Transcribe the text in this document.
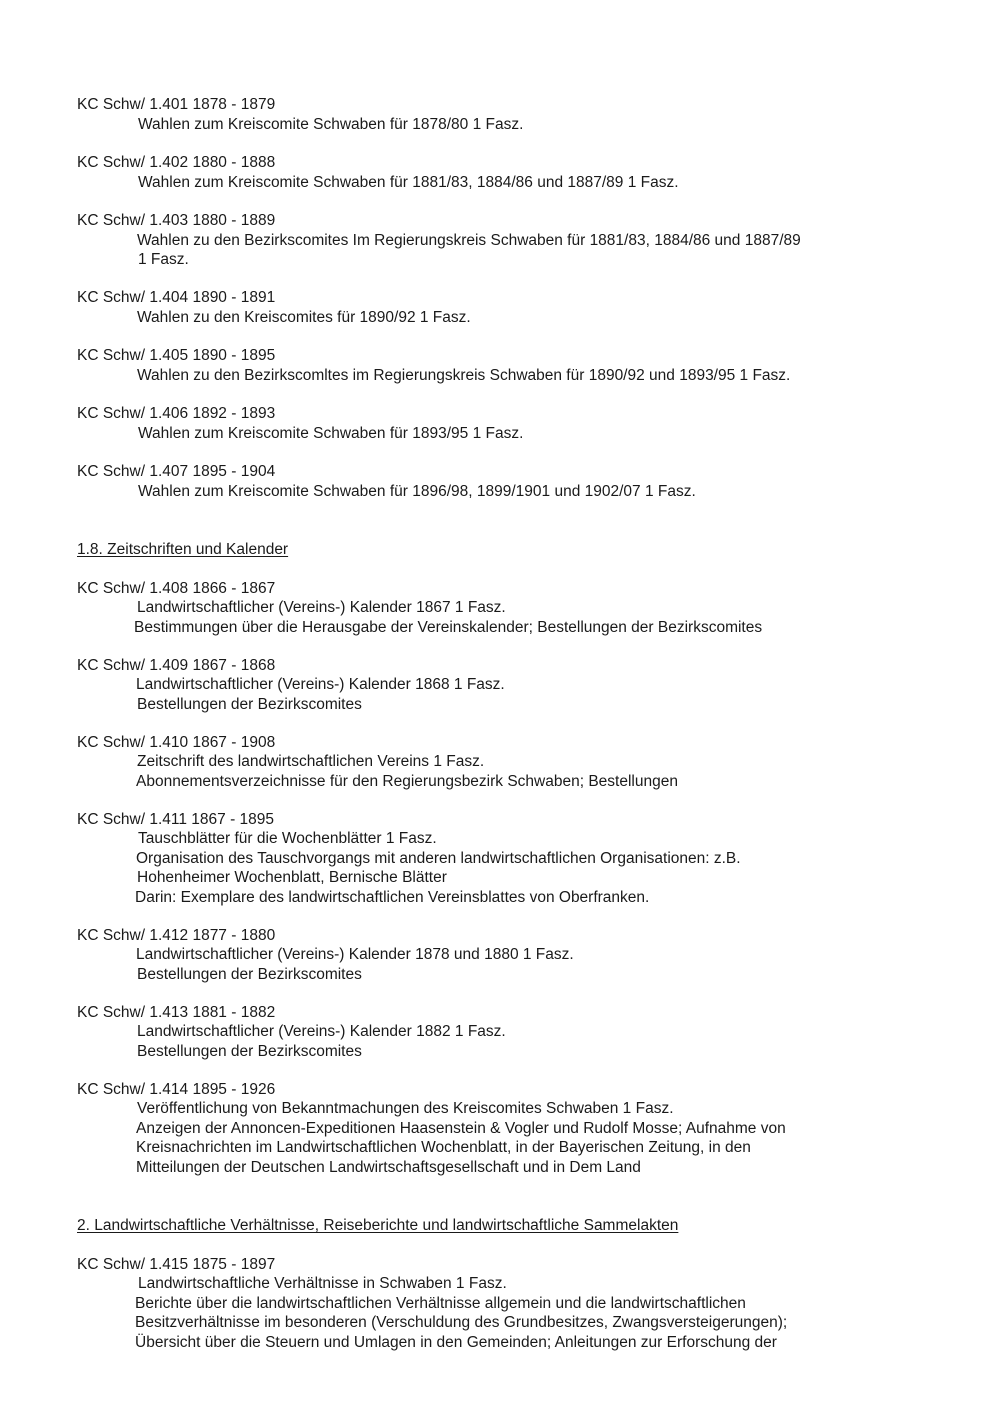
KC Schw/ 1.401 1878 - 1879
Wahlen zum Kreiscomite Schwaben für 1878/80 1 Fasz.
KC Schw/ 1.402 1880 - 1888
Wahlen zum Kreiscomite Schwaben für 1881/83, 1884/86 und 1887/89 1 Fasz.
KC Schw/ 1.403 1880 - 1889
Wahlen zu den Bezirkscomites Im Regierungskreis Schwaben für 1881/83, 1884/86 und 1887/89
1 Fasz.
KC Schw/ 1.404 1890 - 1891
Wahlen zu den Kreiscomites für 1890/92 1 Fasz.
KC Schw/ 1.405 1890 - 1895
Wahlen zu den Bezirkscomltes im Regierungskreis Schwaben für 1890/92 und 1893/95 1 Fasz.
KC Schw/ 1.406 1892 - 1893
Wahlen zum Kreiscomite Schwaben für 1893/95 1 Fasz.
KC Schw/ 1.407 1895 - 1904
Wahlen zum Kreiscomite Schwaben für 1896/98, 1899/1901 und 1902/07 1 Fasz.
1.8. Zeitschriften und Kalender
KC Schw/ 1.408 1866 - 1867
Landwirtschaftlicher (Vereins-) Kalender 1867 1 Fasz.
Bestimmungen über die Herausgabe der Vereinskalender; Bestellungen der Bezirkscomites
KC Schw/ 1.409 1867 - 1868
Landwirtschaftlicher (Vereins-) Kalender 1868 1 Fasz.
Bestellungen der Bezirkscomites
KC Schw/ 1.410 1867 - 1908
Zeitschrift des landwirtschaftlichen Vereins 1 Fasz.
Abonnementsverzeichnisse für den Regierungsbezirk Schwaben; Bestellungen
KC Schw/ 1.411 1867 - 1895
Tauschblätter für die Wochenblätter 1 Fasz.
Organisation des Tauschvorgangs mit anderen landwirtschaftlichen Organisationen: z.B.
Hohenheimer Wochenblatt, Bernische Blätter
Darin: Exemplare des landwirtschaftlichen Vereinsblattes von Oberfranken.
KC Schw/ 1.412 1877 - 1880
Landwirtschaftlicher (Vereins-) Kalender 1878 und 1880 1 Fasz.
Bestellungen der Bezirkscomites
KC Schw/ 1.413 1881 - 1882
Landwirtschaftlicher (Vereins-) Kalender 1882 1 Fasz.
Bestellungen der Bezirkscomites
KC Schw/ 1.414 1895 - 1926
Veröffentlichung von Bekanntmachungen des Kreiscomites Schwaben 1 Fasz.
Anzeigen der Annoncen-Expeditionen Haasenstein & Vogler und Rudolf Mosse; Aufnahme von
Kreisnachrichten im Landwirtschaftlichen Wochenblatt, in der Bayerischen Zeitung, in den
Mitteilungen der Deutschen Landwirtschaftsgesellschaft und in Dem Land
2. Landwirtschaftliche Verhältnisse, Reiseberichte und landwirtschaftliche Sammelakten
KC Schw/ 1.415 1875 - 1897
Landwirtschaftliche Verhältnisse in Schwaben 1 Fasz.
Berichte über die landwirtschaftlichen Verhältnisse allgemein und die landwirtschaftlichen
Besitzverhältnisse im besonderen (Verschuldung des Grundbesitzes, Zwangsversteigerungen);
Übersicht über die Steuern und Umlagen in den Gemeinden; Anleitungen zur Erforschung der
